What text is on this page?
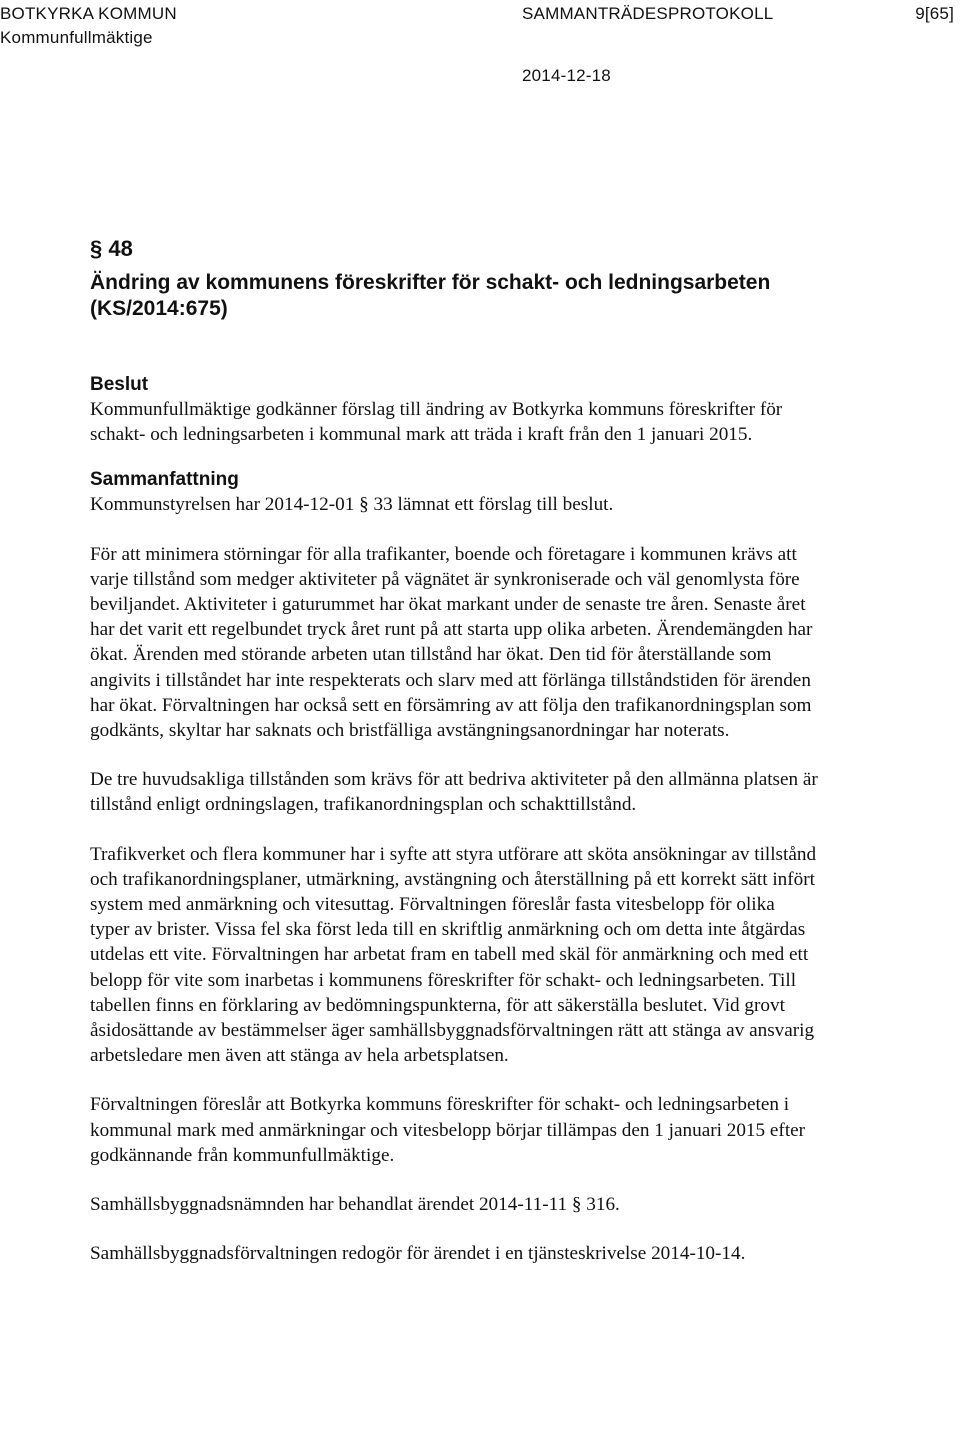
BOTKYRKA KOMMUN
Kommunfullmäktige
SAMMANTRÄDESPROTOKOLL	9[65]
2014-12-18

§ 48

Ändring av kommunens föreskrifter för schakt- och ledningsarbeten (KS/2014:675)

Beslut

Kommunfullmäktige godkänner förslag till ändring av Botkyrka kommuns föreskrifter för schakt- och ledningsarbeten i kommunal mark att träda i kraft från den 1 januari 2015.

Sammanfattning

Kommunstyrelsen har 2014-12-01 § 33 lämnat ett förslag till beslut.

För att minimera störningar för alla trafikanter, boende och företagare i kommunen krävs att varje tillstånd som medger aktiviteter på vägnätet är synkroniserade och väl genomlysta före beviljandet. Aktiviteter i gaturummet har ökat markant under de senaste tre åren. Senaste året har det varit ett regelbundet tryck året runt på att starta upp olika arbeten. Ärendemängden har ökat. Ärenden med störande arbeten utan tillstånd har ökat. Den tid för återställande som angivits i tillståndet har inte respekterats och slarv med att förlänga tillståndstiden för ärenden har ökat. Förvaltningen har också sett en försämring av att följa den trafikanordningsplan som godkänts, skyltar har saknats och bristfälliga avstängningsanordningar har noterats.

De tre huvudsakliga tillstånden som krävs för att bedriva aktiviteter på den allmänna platsen är tillstånd enligt ordningslagen, trafikanordningsplan och schakttillstånd.

Trafikverket och flera kommuner har i syfte att styra utförare att sköta ansökningar av tillstånd och trafikanordningsplaner, utmärkning, avstängning och återställning på ett korrekt sätt infört system med anmärkning och vitesuttag. Förvaltningen föreslår fasta vitesbelopp för olika typer av brister. Vissa fel ska först leda till en skriftlig anmärkning och om detta inte åtgärdas utdelas ett vite. Förvaltningen har arbetat fram en tabell med skäl för anmärkning och med ett belopp för vite som inarbetas i kommunens föreskrifter för schakt- och ledningsarbeten. Till tabellen finns en förklaring av bedömningspunkterna, för att säkerställa beslutet. Vid grovt åsidosättande av bestämmelser äger samhällsbyggnadsförvaltningen rätt att stänga av ansvarig arbetsledare men även att stänga av hela arbetsplatsen.

Förvaltningen föreslår att Botkyrka kommuns föreskrifter för schakt- och ledningsarbeten i kommunal mark med anmärkningar och vitesbelopp börjar tillämpas den 1 januari 2015 efter godkännande från kommunfullmäktige.

Samhällsbyggnadsnämnden har behandlat ärendet 2014-11-11 § 316.

Samhällsbyggnadsförvaltningen redogör för ärendet i en tjänsteskrivelse 2014-10-14.
